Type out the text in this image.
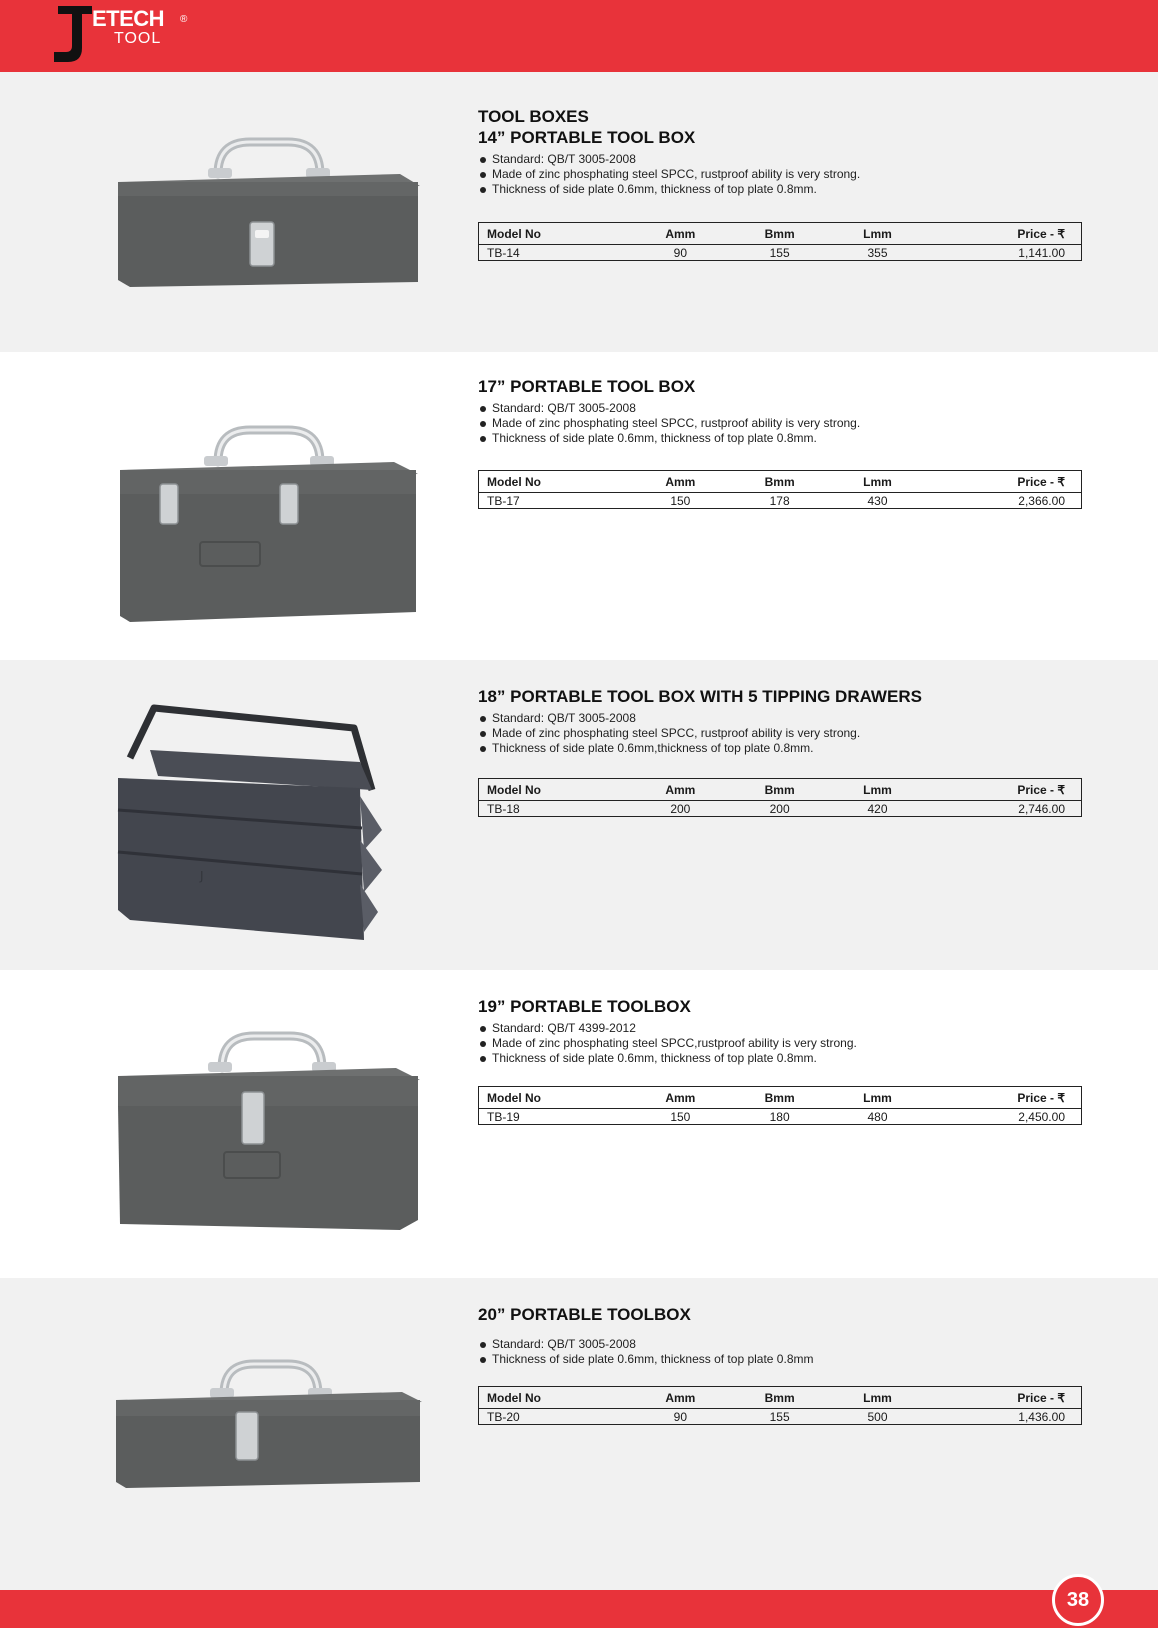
ETECH ®
TOOL
TOOL BOXES
14” PORTABLE TOOL BOX
Standard: QB/T 3005-2008
Made of zinc phosphating steel SPCC, rustproof ability is very strong.
Thickness of side plate 0.6mm, thickness of top plate 0.8mm.
Model No	Amm	Bmm	Lmm	Price - ₹
TB-14	90	155	355	1,141.00
17” PORTABLE TOOL BOX
Standard: QB/T 3005-2008
Made of zinc phosphating steel SPCC, rustproof ability is very strong.
Thickness of side plate 0.6mm, thickness of top plate 0.8mm.
Model No	Amm	Bmm	Lmm	Price - ₹
TB-17	150	178	430	2,366.00
J
18” PORTABLE TOOL BOX WITH 5 TIPPING DRAWERS
Standard: QB/T 3005-2008
Made of zinc phosphating steel SPCC, rustproof ability is very strong.
Thickness of side plate 0.6mm,thickness of top plate 0.8mm.
Model No	Amm	Bmm	Lmm	Price - ₹
TB-18	200	200	420	2,746.00
19” PORTABLE TOOLBOX
Standard: QB/T 4399-2012
Made of zinc phosphating steel SPCC,rustproof ability is very strong.
Thickness of side plate 0.6mm, thickness of top plate 0.8mm.
Model No	Amm	Bmm	Lmm	Price - ₹
TB-19	150	180	480	2,450.00
20” PORTABLE TOOLBOX
Standard: QB/T 3005-2008
Thickness of side plate 0.6mm, thickness of top plate 0.8mm
Model No	Amm	Bmm	Lmm	Price - ₹
TB-20	90	155	500	1,436.00
38
